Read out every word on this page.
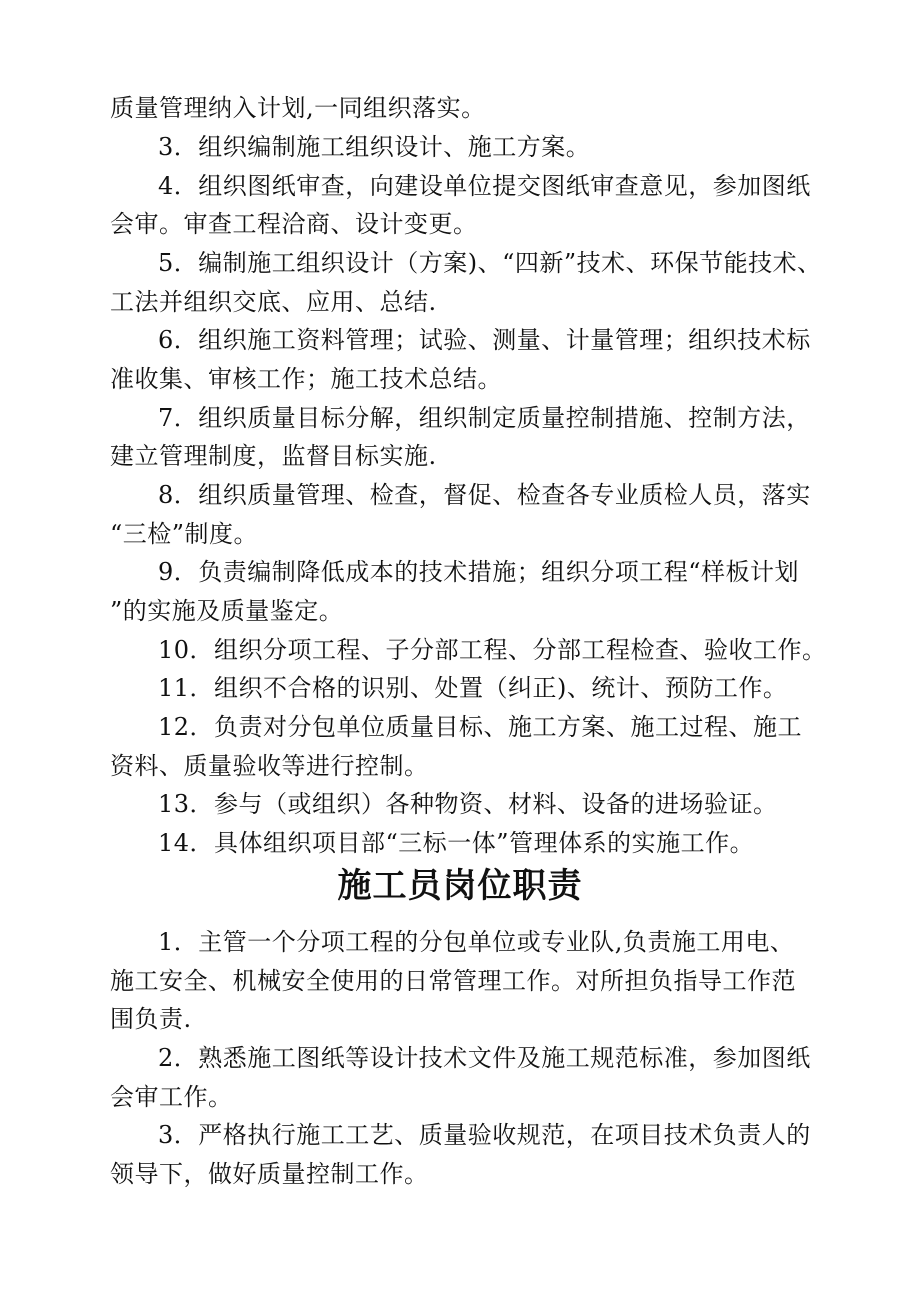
质量管理纳入计划,一同组织落实。
3．组织编制施工组织设计、施工方案。
4．组织图纸审查，向建设单位提交图纸审查意见，参加图纸
会审。审查工程洽商、设计变更。
5．编制施工组织设计（方案)、“四新”技术、环保节能技术、
工法并组织交底、应用、总结.
6．组织施工资料管理；试验、测量、计量管理；组织技术标
准收集、审核工作；施工技术总结。
7．组织质量目标分解，组织制定质量控制措施、控制方法，
建立管理制度，监督目标实施.
8．组织质量管理、检查，督促、检查各专业质检人员，落实
“三检”制度。
9．负责编制降低成本的技术措施；组织分项工程“样板计划
”的实施及质量鉴定。
10．组织分项工程、子分部工程、分部工程检查、验收工作。
11．组织不合格的识别、处置（纠正)、统计、预防工作。
12．负责对分包单位质量目标、施工方案、施工过程、施工
资料、质量验收等进行控制。
13．参与（或组织）各种物资、材料、设备的进场验证。
14．具体组织项目部“三标一体”管理体系的实施工作。
施工员岗位职责
1．主管一个分项工程的分包单位或专业队,负责施工用电、
施工安全、机械安全使用的日常管理工作。对所担负指导工作范
围负责.
2．熟悉施工图纸等设计技术文件及施工规范标准，参加图纸
会审工作。
3．严格执行施工工艺、质量验收规范，在项目技术负责人的
领导下，做好质量控制工作。
